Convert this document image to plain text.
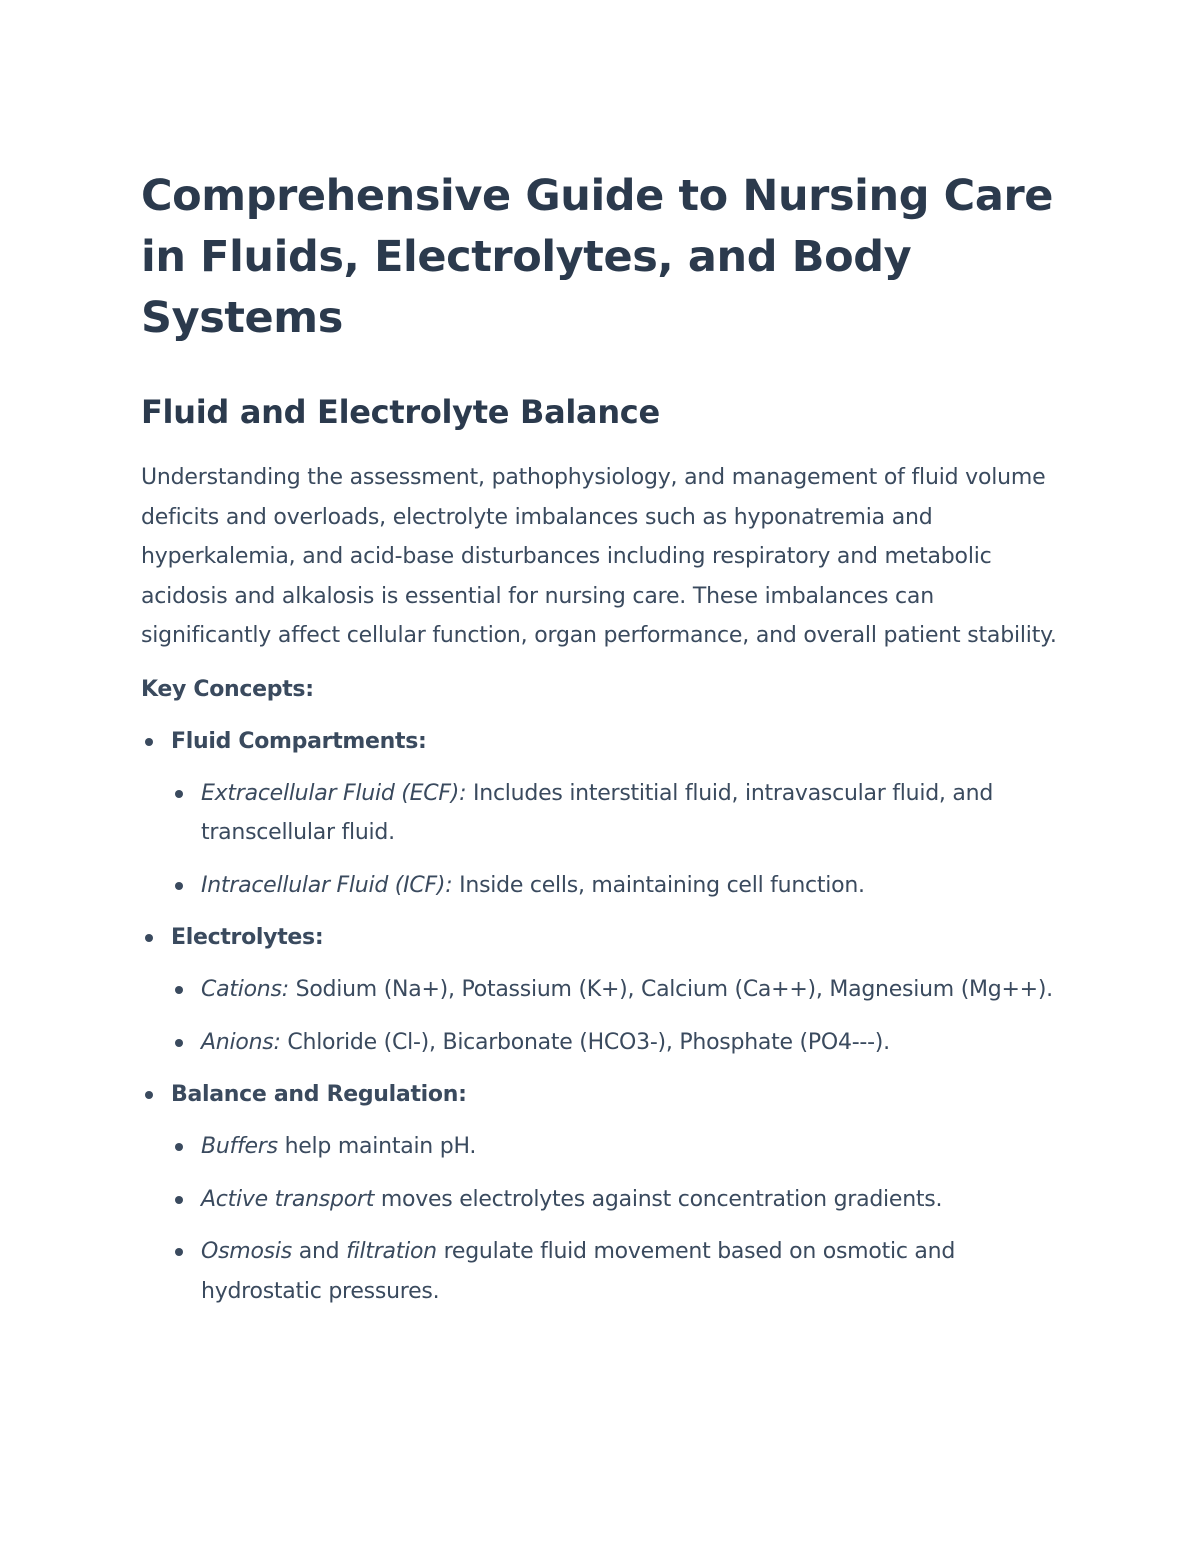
Comprehensive Guide to Nursing Care in Fluids, Electrolytes, and Body Systems
Fluid and Electrolyte Balance

Understanding the assessment, pathophysiology, and management of fluid volume deficits and overloads, electrolyte imbalances such as hyponatremia and hyperkalemia, and acid-base disturbances including respiratory and metabolic acidosis and alkalosis is essential for nursing care. These imbalances can significantly affect cellular function, organ performance, and overall patient stability.

Key Concepts:

Fluid Compartments:
Extracellular Fluid (ECF): Includes interstitial fluid, intravascular fluid, and transcellular fluid.
Intracellular Fluid (ICF): Inside cells, maintaining cell function.
Electrolytes:
Cations: Sodium (Na+), Potassium (K+), Calcium (Ca++), Magnesium (Mg++).
Anions: Chloride (Cl-), Bicarbonate (HCO3-), Phosphate (PO4---).
Balance and Regulation:
Buffers help maintain pH.
Active transport moves electrolytes against concentration gradients.
Osmosis and filtration regulate fluid movement based on osmotic and hydrostatic pressures.
